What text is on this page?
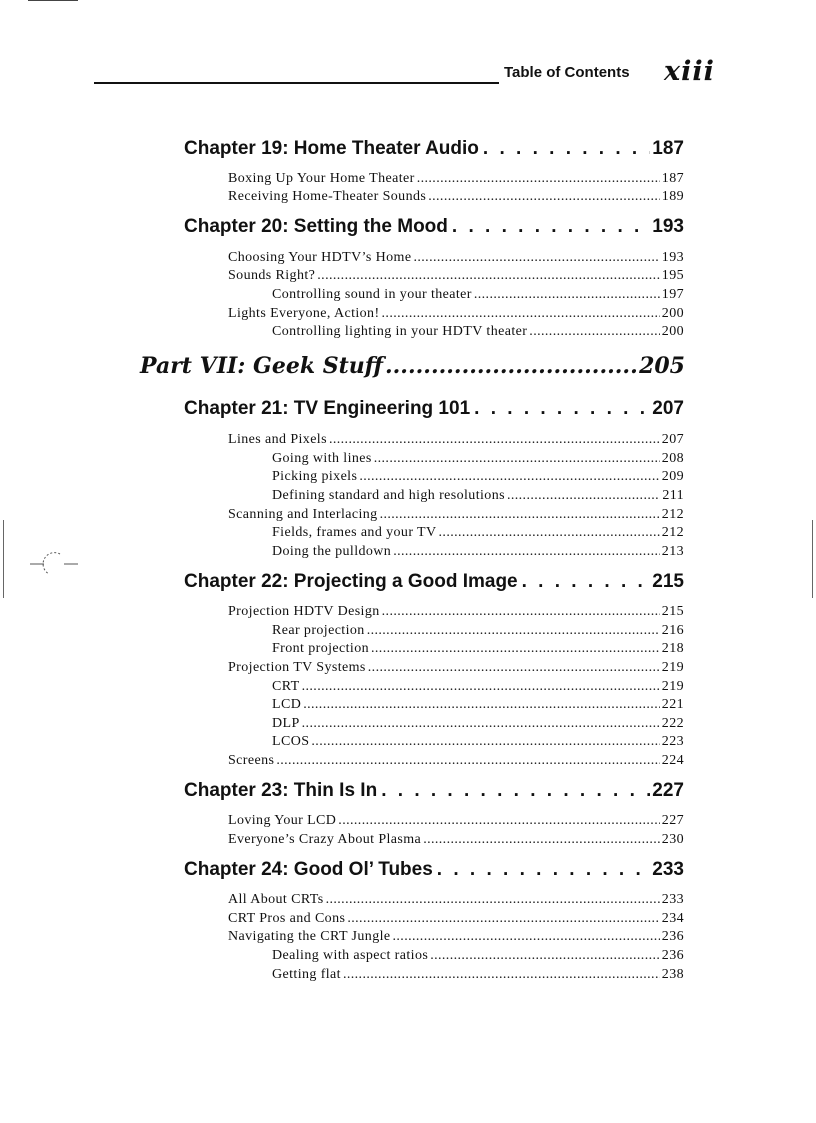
Table of Contents xiii
Chapter 19: Home Theater Audio . . .	187
Boxing Up Your Home Theater .....	187
Receiving Home-Theater Sounds .....	189
Chapter 20: Setting the Mood . . .	193
Choosing Your HDTV’s Home .....	193
Sounds Right? .....	195
Controlling sound in your theater .....	197
Lights Everyone, Action! .....	200
Controlling lighting in your HDTV theater .....	200
Part VII: Geek Stuff .....	205
Chapter 21: TV Engineering 101 . . .	207
Lines and Pixels .....	207
Going with lines .....	208
Picking pixels .....	209
Defining standard and high resolutions .....	211
Scanning and Interlacing .....	212
Fields, frames and your TV .....	212
Doing the pulldown .....	213
Chapter 22: Projecting a Good Image . . .	215
Projection HDTV Design .....	215
Rear projection .....	216
Front projection .....	218
Projection TV Systems .....	219
CRT .....	219
LCD .....	221
DLP .....	222
LCOS .....	223
Screens .....	224
Chapter 23: Thin Is In . . .	227
Loving Your LCD .....	227
Everyone’s Crazy About Plasma .....	230
Chapter 24: Good Ol’ Tubes . . .	233
All About CRTs .....	233
CRT Pros and Cons .....	234
Navigating the CRT Jungle .....	236
Dealing with aspect ratios .....	236
Getting flat .....	238
